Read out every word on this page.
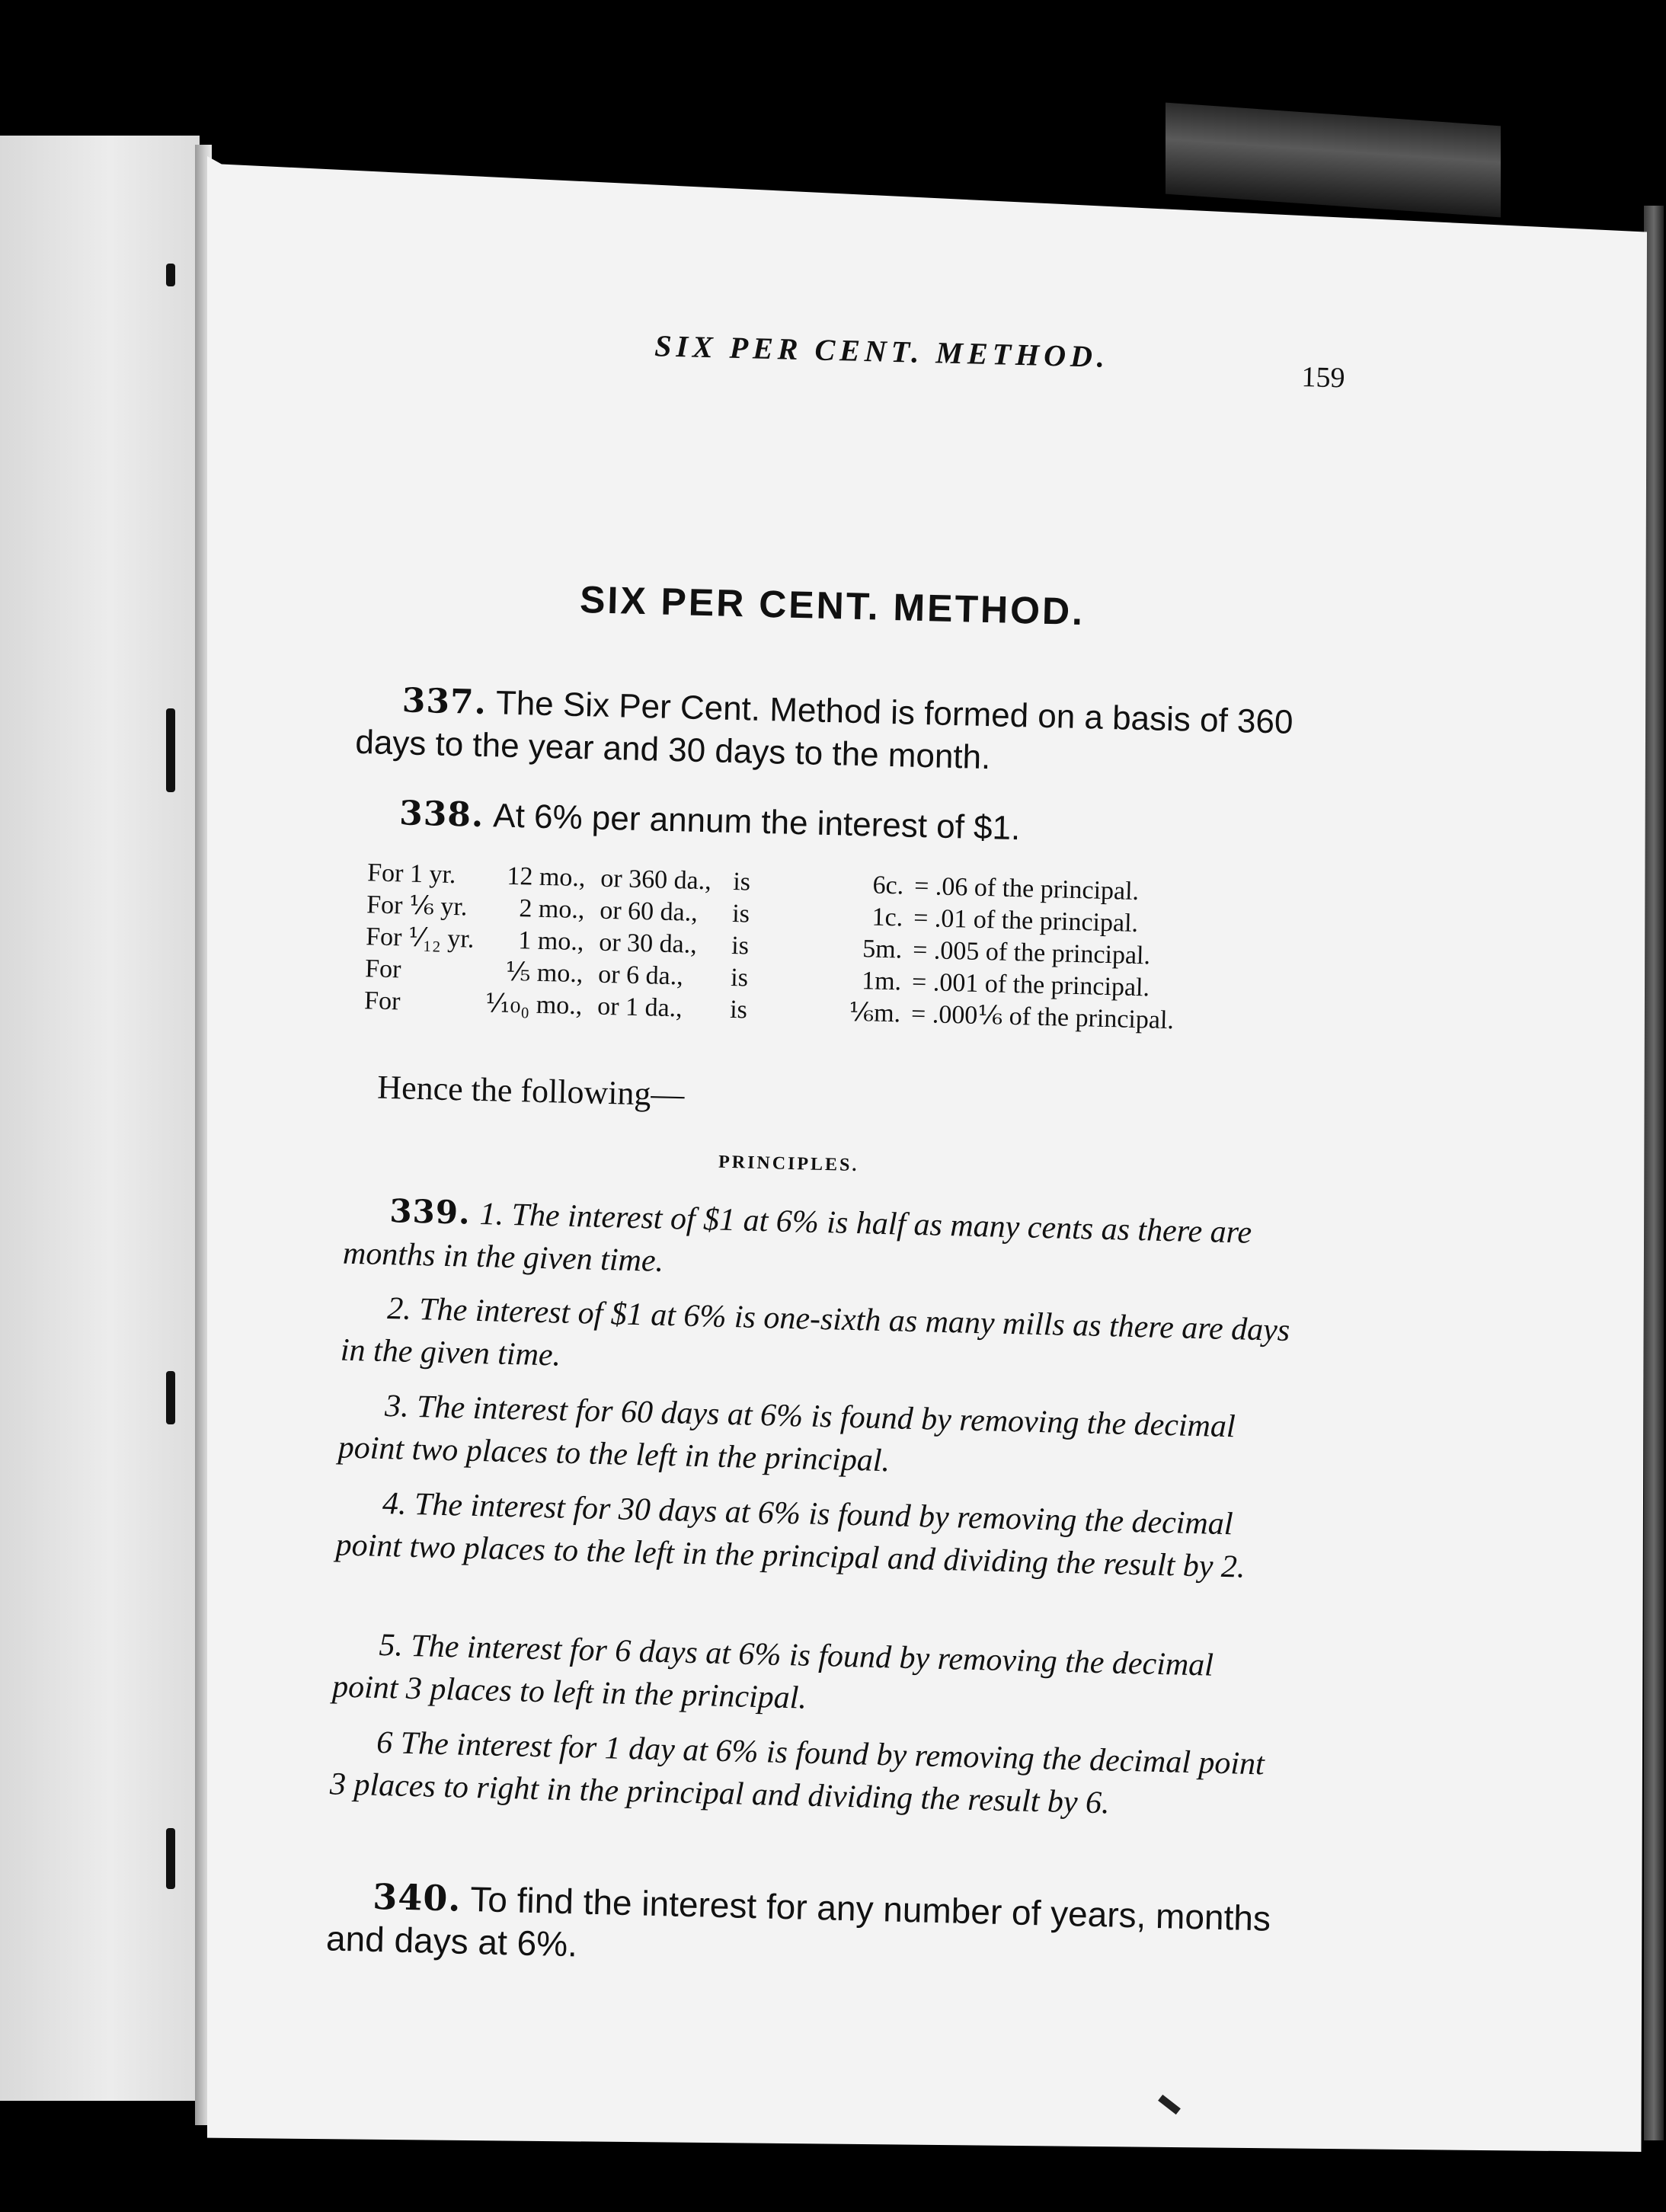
SIX PER CENT. METHOD.
159
SIX PER CENT. METHOD.

337. The Six Per Cent. Method is formed on a basis of 360 days to the year and 30 days to the month.

338. At 6% per annum the interest of $1.

For 1 yr.	12 mo.,	or 360 da.,	is	6c.	= .06 of the principal.
For ⅙ yr.	2 mo.,	or 60 da.,	is	1c.	= .01 of the principal.
For ⅟₁₂ yr.	1 mo.,	or 30 da.,	is	5m.	= .005 of the principal.
For	⅕ mo.,	or 6 da.,	is	1m.	= .001 of the principal.
For	⅒₀ mo.,	or 1 da.,	is	⅙m.	= .000⅙ of the principal.
Hence the following—
PRINCIPLES.

339. 1. The interest of $1 at 6% is half as many cents as there are months in the given time.

2. The interest of $1 at 6% is one-sixth as many mills as there are days in the given time.

3. The interest for 60 days at 6% is found by removing the decimal point two places to the left in the principal.

4. The interest for 30 days at 6% is found by removing the decimal point two places to the left in the principal and dividing the result by 2.

5. The interest for 6 days at 6% is found by removing the decimal point 3 places to left in the principal.

6 The interest for 1 day at 6% is found by removing the decimal point 3 places to right in the principal and dividing the result by 6.

340. To find the interest for any number of years, months and days at 6%.
